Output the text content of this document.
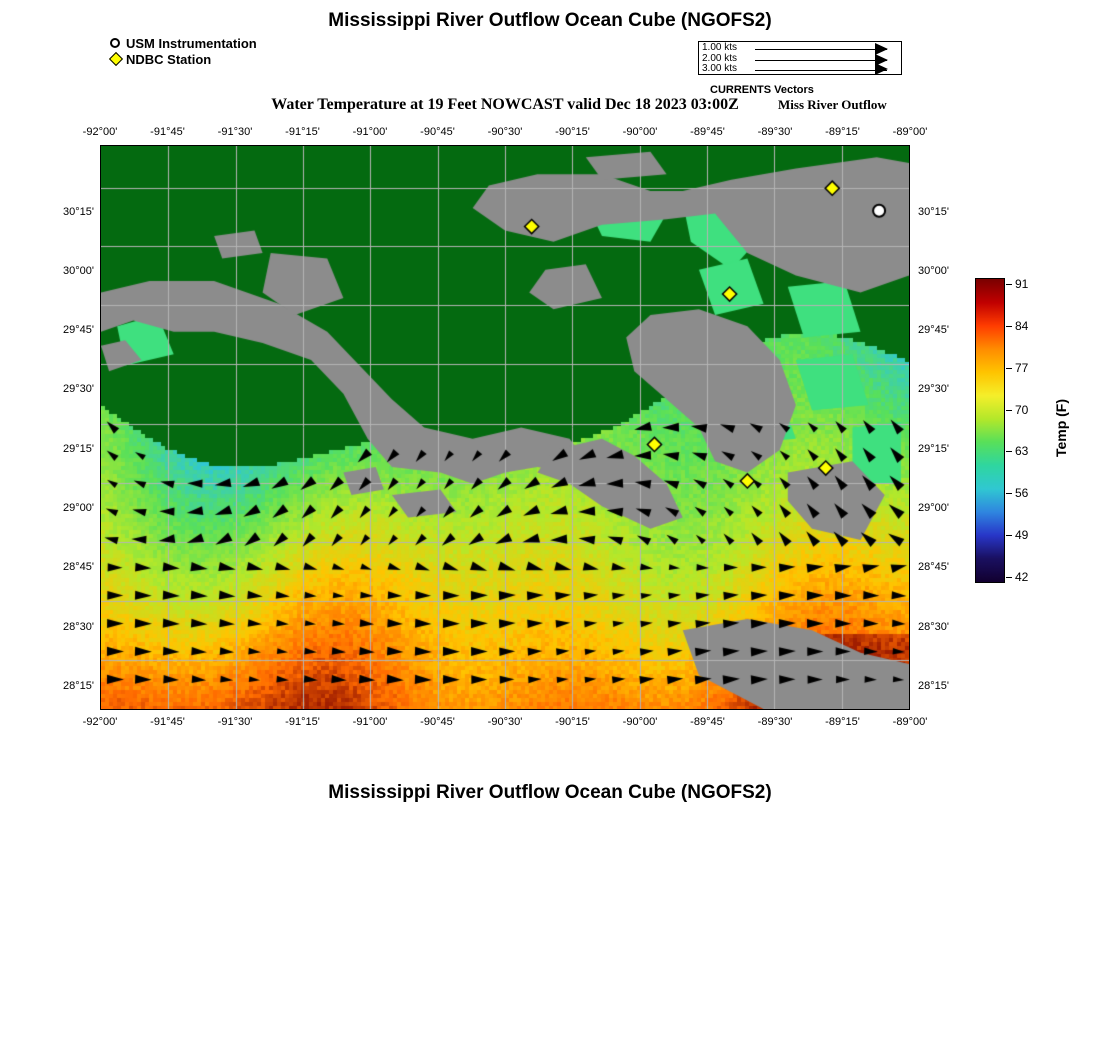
Mississippi River Outflow Ocean Cube (NGOFS2)
Water Temperature at 19 Feet NOWCAST valid Dec 18 2023 03:00Z	Miss River Outflow
Mississippi River Outflow Ocean Cube (NGOFS2)
USM Instrumentation
NDBC Station
1.00 kts
2.00 kts
3.00 kts
CURRENTS Vectors
-92°00'
-92°00'
-91°45'
-91°45'
-91°30'
-91°30'
-91°15'
-91°15'
-91°00'
-91°00'
-90°45'
-90°45'
-90°30'
-90°30'
-90°15'
-90°15'
-90°00'
-90°00'
-89°45'
-89°45'
-89°30'
-89°30'
-89°15'
-89°15'
-89°00'
-89°00'
30°15'	30°15'
30°00'	30°00'
29°45'	29°45'
29°30'	29°30'
29°15'	29°15'
29°00'	29°00'
28°45'	28°45'
28°30'	28°30'
28°15'	28°15'
91
84
77
70
63
56
49
42
Temp (F)
